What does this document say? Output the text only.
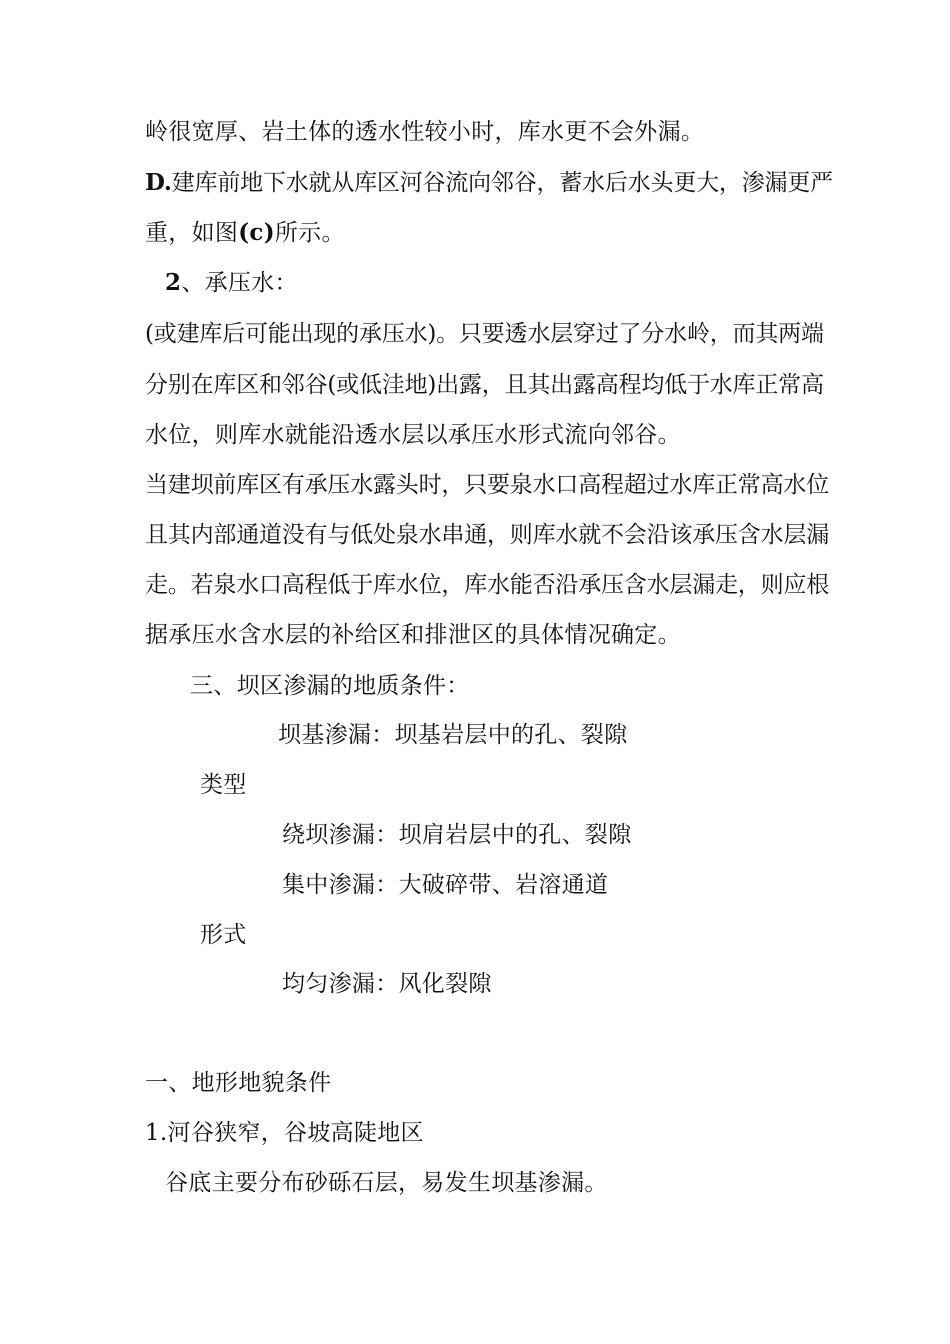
岭很宽厚、岩土体的透水性较小时，库水更不会外漏。
D.建库前地下水就从库区河谷流向邻谷，蓄水后水头更大，渗漏更严
重，如图(c)所示。
2、承压水：
(或建库后可能出现的承压水)。只要透水层穿过了分水岭，而其两端
分别在库区和邻谷(或低洼地)出露，且其出露高程均低于水库正常高
水位，则库水就能沿透水层以承压水形式流向邻谷。
当建坝前库区有承压水露头时，只要泉水口高程超过水库正常高水位
且其内部通道没有与低处泉水串通，则库水就不会沿该承压含水层漏
走。若泉水口高程低于库水位，库水能否沿承压含水层漏走，则应根
据承压水含水层的补给区和排泄区的具体情况确定。
三、坝区渗漏的地质条件：
坝基渗漏：坝基岩层中的孔、裂隙
类型
绕坝渗漏：坝肩岩层中的孔、裂隙
集中渗漏：大破碎带、岩溶通道
形式
均匀渗漏：风化裂隙
一、地形地貌条件
1.河谷狭窄，谷坡高陡地区
谷底主要分布砂砾石层，易发生坝基渗漏。
